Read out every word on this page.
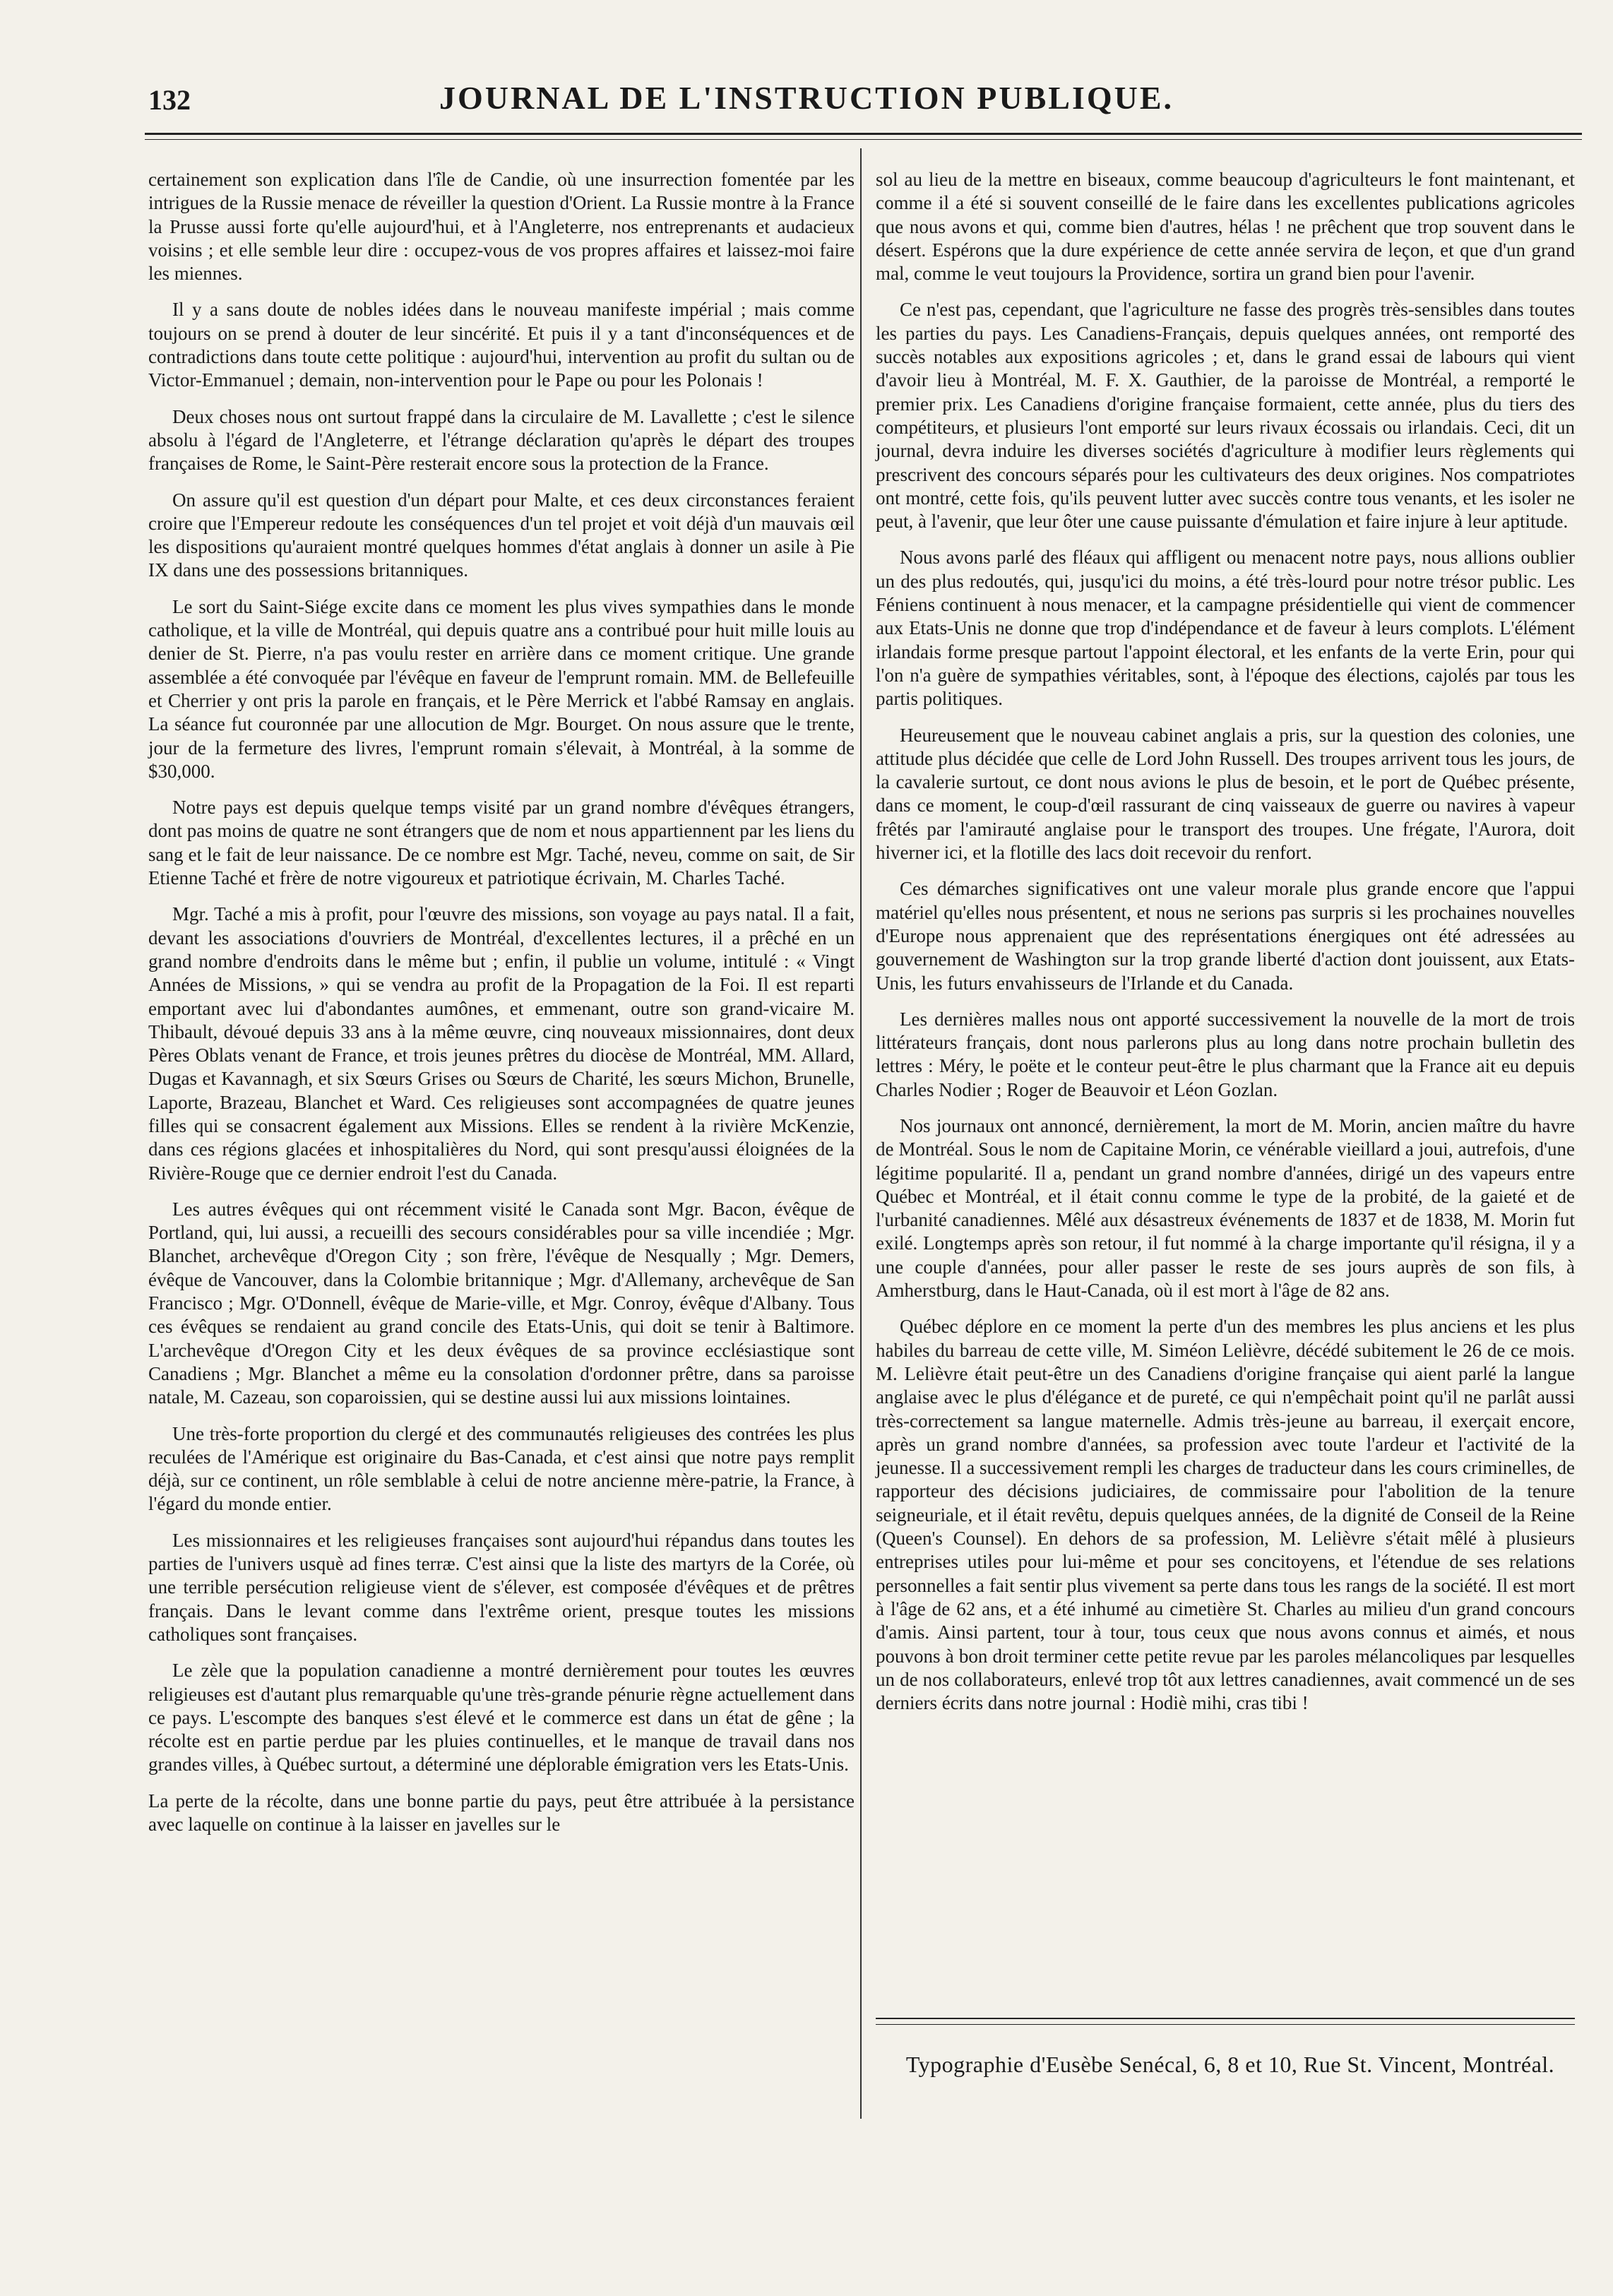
132	JOURNAL DE L'INSTRUCTION PUBLIQUE.

certainement son explication dans l'île de Candie, où une insurrection fomentée par les intrigues de la Russie menace de réveiller la question d'Orient. La Russie montre à la France la Prusse aussi forte qu'elle aujourd'hui, et à l'Angleterre, nos entreprenants et audacieux voisins ; et elle semble leur dire : occupez-vous de vos propres affaires et laissez-moi faire les miennes.

Il y a sans doute de nobles idées dans le nouveau manifeste impérial ; mais comme toujours on se prend à douter de leur sincérité. Et puis il y a tant d'inconséquences et de contradictions dans toute cette politique : aujourd'hui, intervention au profit du sultan ou de Victor-Emmanuel ; demain, non-intervention pour le Pape ou pour les Polonais !

Deux choses nous ont surtout frappé dans la circulaire de M. Lavallette ; c'est le silence absolu à l'égard de l'Angleterre, et l'étrange déclaration qu'après le départ des troupes françaises de Rome, le Saint-Père resterait encore sous la protection de la France.

On assure qu'il est question d'un départ pour Malte, et ces deux circonstances feraient croire que l'Empereur redoute les conséquences d'un tel projet et voit déjà d'un mauvais œil les dispositions qu'auraient montré quelques hommes d'état anglais à donner un asile à Pie IX dans une des possessions britanniques.

Le sort du Saint-Siége excite dans ce moment les plus vives sympathies dans le monde catholique, et la ville de Montréal, qui depuis quatre ans a contribué pour huit mille louis au denier de St. Pierre, n'a pas voulu rester en arrière dans ce moment critique. Une grande assemblée a été convoquée par l'évêque en faveur de l'emprunt romain. MM. de Bellefeuille et Cherrier y ont pris la parole en français, et le Père Merrick et l'abbé Ramsay en anglais. La séance fut couronnée par une allocution de Mgr. Bourget. On nous assure que le trente, jour de la fermeture des livres, l'emprunt romain s'élevait, à Montréal, à la somme de $30,000.

Notre pays est depuis quelque temps visité par un grand nombre d'évêques étrangers, dont pas moins de quatre ne sont étrangers que de nom et nous appartiennent par les liens du sang et le fait de leur naissance. De ce nombre est Mgr. Taché, neveu, comme on sait, de Sir Etienne Taché et frère de notre vigoureux et patriotique écrivain, M. Charles Taché.

Mgr. Taché a mis à profit, pour l'œuvre des missions, son voyage au pays natal. Il a fait, devant les associations d'ouvriers de Montréal, d'excellentes lectures, il a prêché en un grand nombre d'endroits dans le même but ; enfin, il publie un volume, intitulé : « Vingt Années de Missions, » qui se vendra au profit de la Propagation de la Foi. Il est reparti emportant avec lui d'abondantes aumônes, et emmenant, outre son grand-vicaire M. Thibault, dévoué depuis 33 ans à la même œuvre, cinq nouveaux missionnaires, dont deux Pères Oblats venant de France, et trois jeunes prêtres du diocèse de Montréal, MM. Allard, Dugas et Kavannagh, et six Sœurs Grises ou Sœurs de Charité, les sœurs Michon, Brunelle, Laporte, Brazeau, Blanchet et Ward. Ces religieuses sont accompagnées de quatre jeunes filles qui se consacrent également aux Missions. Elles se rendent à la rivière McKenzie, dans ces régions glacées et inhospitalières du Nord, qui sont presqu'aussi éloignées de la Rivière-Rouge que ce dernier endroit l'est du Canada.

Les autres évêques qui ont récemment visité le Canada sont Mgr. Bacon, évêque de Portland, qui, lui aussi, a recueilli des secours considérables pour sa ville incendiée ; Mgr. Blanchet, archevêque d'Oregon City ; son frère, l'évêque de Nesqually ; Mgr. Demers, évêque de Vancouver, dans la Colombie britannique ; Mgr. d'Allemany, archevêque de San Francisco ; Mgr. O'Donnell, évêque de Marie-ville, et Mgr. Conroy, évêque d'Albany. Tous ces évêques se rendaient au grand concile des Etats-Unis, qui doit se tenir à Baltimore. L'archevêque d'Oregon City et les deux évêques de sa province ecclésiastique sont Canadiens ; Mgr. Blanchet a même eu la consolation d'ordonner prêtre, dans sa paroisse natale, M. Cazeau, son coparoissien, qui se destine aussi lui aux missions lointaines.

Une très-forte proportion du clergé et des communautés religieuses des contrées les plus reculées de l'Amérique est originaire du Bas-Canada, et c'est ainsi que notre pays remplit déjà, sur ce continent, un rôle semblable à celui de notre ancienne mère-patrie, la France, à l'égard du monde entier.

Les missionnaires et les religieuses françaises sont aujourd'hui répandus dans toutes les parties de l'univers usquè ad fines terræ. C'est ainsi que la liste des martyrs de la Corée, où une terrible persécution religieuse vient de s'élever, est composée d'évêques et de prêtres français. Dans le levant comme dans l'extrême orient, presque toutes les missions catholiques sont françaises.

Le zèle que la population canadienne a montré dernièrement pour toutes les œuvres religieuses est d'autant plus remarquable qu'une très-grande pénurie règne actuellement dans ce pays. L'escompte des banques s'est élevé et le commerce est dans un état de gêne ; la récolte est en partie perdue par les pluies continuelles, et le manque de travail dans nos grandes villes, à Québec surtout, a déterminé une déplorable émigration vers les Etats-Unis.

La perte de la récolte, dans une bonne partie du pays, peut être attribuée à la persistance avec laquelle on continue à la laisser en javelles sur le

sol au lieu de la mettre en biseaux, comme beaucoup d'agriculteurs le font maintenant, et comme il a été si souvent conseillé de le faire dans les excellentes publications agricoles que nous avons et qui, comme bien d'autres, hélas ! ne prêchent que trop souvent dans le désert. Espérons que la dure expérience de cette année servira de leçon, et que d'un grand mal, comme le veut toujours la Providence, sortira un grand bien pour l'avenir.

Ce n'est pas, cependant, que l'agriculture ne fasse des progrès très-sensibles dans toutes les parties du pays. Les Canadiens-Français, depuis quelques années, ont remporté des succès notables aux expositions agricoles ; et, dans le grand essai de labours qui vient d'avoir lieu à Montréal, M. F. X. Gauthier, de la paroisse de Montréal, a remporté le premier prix. Les Canadiens d'origine française formaient, cette année, plus du tiers des compétiteurs, et plusieurs l'ont emporté sur leurs rivaux écossais ou irlandais. Ceci, dit un journal, devra induire les diverses sociétés d'agriculture à modifier leurs règlements qui prescrivent des concours séparés pour les cultivateurs des deux origines. Nos compatriotes ont montré, cette fois, qu'ils peuvent lutter avec succès contre tous venants, et les isoler ne peut, à l'avenir, que leur ôter une cause puissante d'émulation et faire injure à leur aptitude.

Nous avons parlé des fléaux qui affligent ou menacent notre pays, nous allions oublier un des plus redoutés, qui, jusqu'ici du moins, a été très-lourd pour notre trésor public. Les Féniens continuent à nous menacer, et la campagne présidentielle qui vient de commencer aux Etats-Unis ne donne que trop d'indépendance et de faveur à leurs complots. L'élément irlandais forme presque partout l'appoint électoral, et les enfants de la verte Erin, pour qui l'on n'a guère de sympathies véritables, sont, à l'époque des élections, cajolés par tous les partis politiques.

Heureusement que le nouveau cabinet anglais a pris, sur la question des colonies, une attitude plus décidée que celle de Lord John Russell. Des troupes arrivent tous les jours, de la cavalerie surtout, ce dont nous avions le plus de besoin, et le port de Québec présente, dans ce moment, le coup-d'œil rassurant de cinq vaisseaux de guerre ou navires à vapeur frêtés par l'amirauté anglaise pour le transport des troupes. Une frégate, l'Aurora, doit hiverner ici, et la flotille des lacs doit recevoir du renfort.

Ces démarches significatives ont une valeur morale plus grande encore que l'appui matériel qu'elles nous présentent, et nous ne serions pas surpris si les prochaines nouvelles d'Europe nous apprenaient que des représentations énergiques ont été adressées au gouvernement de Washington sur la trop grande liberté d'action dont jouissent, aux Etats-Unis, les futurs envahisseurs de l'Irlande et du Canada.

Les dernières malles nous ont apporté successivement la nouvelle de la mort de trois littérateurs français, dont nous parlerons plus au long dans notre prochain bulletin des lettres : Méry, le poëte et le conteur peut-être le plus charmant que la France ait eu depuis Charles Nodier ; Roger de Beauvoir et Léon Gozlan.

Nos journaux ont annoncé, dernièrement, la mort de M. Morin, ancien maître du havre de Montréal. Sous le nom de Capitaine Morin, ce vénérable vieillard a joui, autrefois, d'une légitime popularité. Il a, pendant un grand nombre d'années, dirigé un des vapeurs entre Québec et Montréal, et il était connu comme le type de la probité, de la gaieté et de l'urbanité canadiennes. Mêlé aux désastreux événements de 1837 et de 1838, M. Morin fut exilé. Longtemps après son retour, il fut nommé à la charge importante qu'il résigna, il y a une couple d'années, pour aller passer le reste de ses jours auprès de son fils, à Amherstburg, dans le Haut-Canada, où il est mort à l'âge de 82 ans.

Québec déplore en ce moment la perte d'un des membres les plus anciens et les plus habiles du barreau de cette ville, M. Siméon Lelièvre, décédé subitement le 26 de ce mois. M. Lelièvre était peut-être un des Canadiens d'origine française qui aient parlé la langue anglaise avec le plus d'élégance et de pureté, ce qui n'empêchait point qu'il ne parlât aussi très-correctement sa langue maternelle. Admis très-jeune au barreau, il exerçait encore, après un grand nombre d'années, sa profession avec toute l'ardeur et l'activité de la jeunesse. Il a successivement rempli les charges de traducteur dans les cours criminelles, de rapporteur des décisions judiciaires, de commissaire pour l'abolition de la tenure seigneuriale, et il était revêtu, depuis quelques années, de la dignité de Conseil de la Reine (Queen's Counsel). En dehors de sa profession, M. Lelièvre s'était mêlé à plusieurs entreprises utiles pour lui-même et pour ses concitoyens, et l'étendue de ses relations personnelles a fait sentir plus vivement sa perte dans tous les rangs de la société. Il est mort à l'âge de 62 ans, et a été inhumé au cimetière St. Charles au milieu d'un grand concours d'amis. Ainsi partent, tour à tour, tous ceux que nous avons connus et aimés, et nous pouvons à bon droit terminer cette petite revue par les paroles mélancoliques par lesquelles un de nos collaborateurs, enlevé trop tôt aux lettres canadiennes, avait commencé un de ses derniers écrits dans notre journal : Hodiè mihi, cras tibi !

Typographie d'Eusèbe Senécal, 6, 8 et 10, Rue St. Vincent, Montréal.
